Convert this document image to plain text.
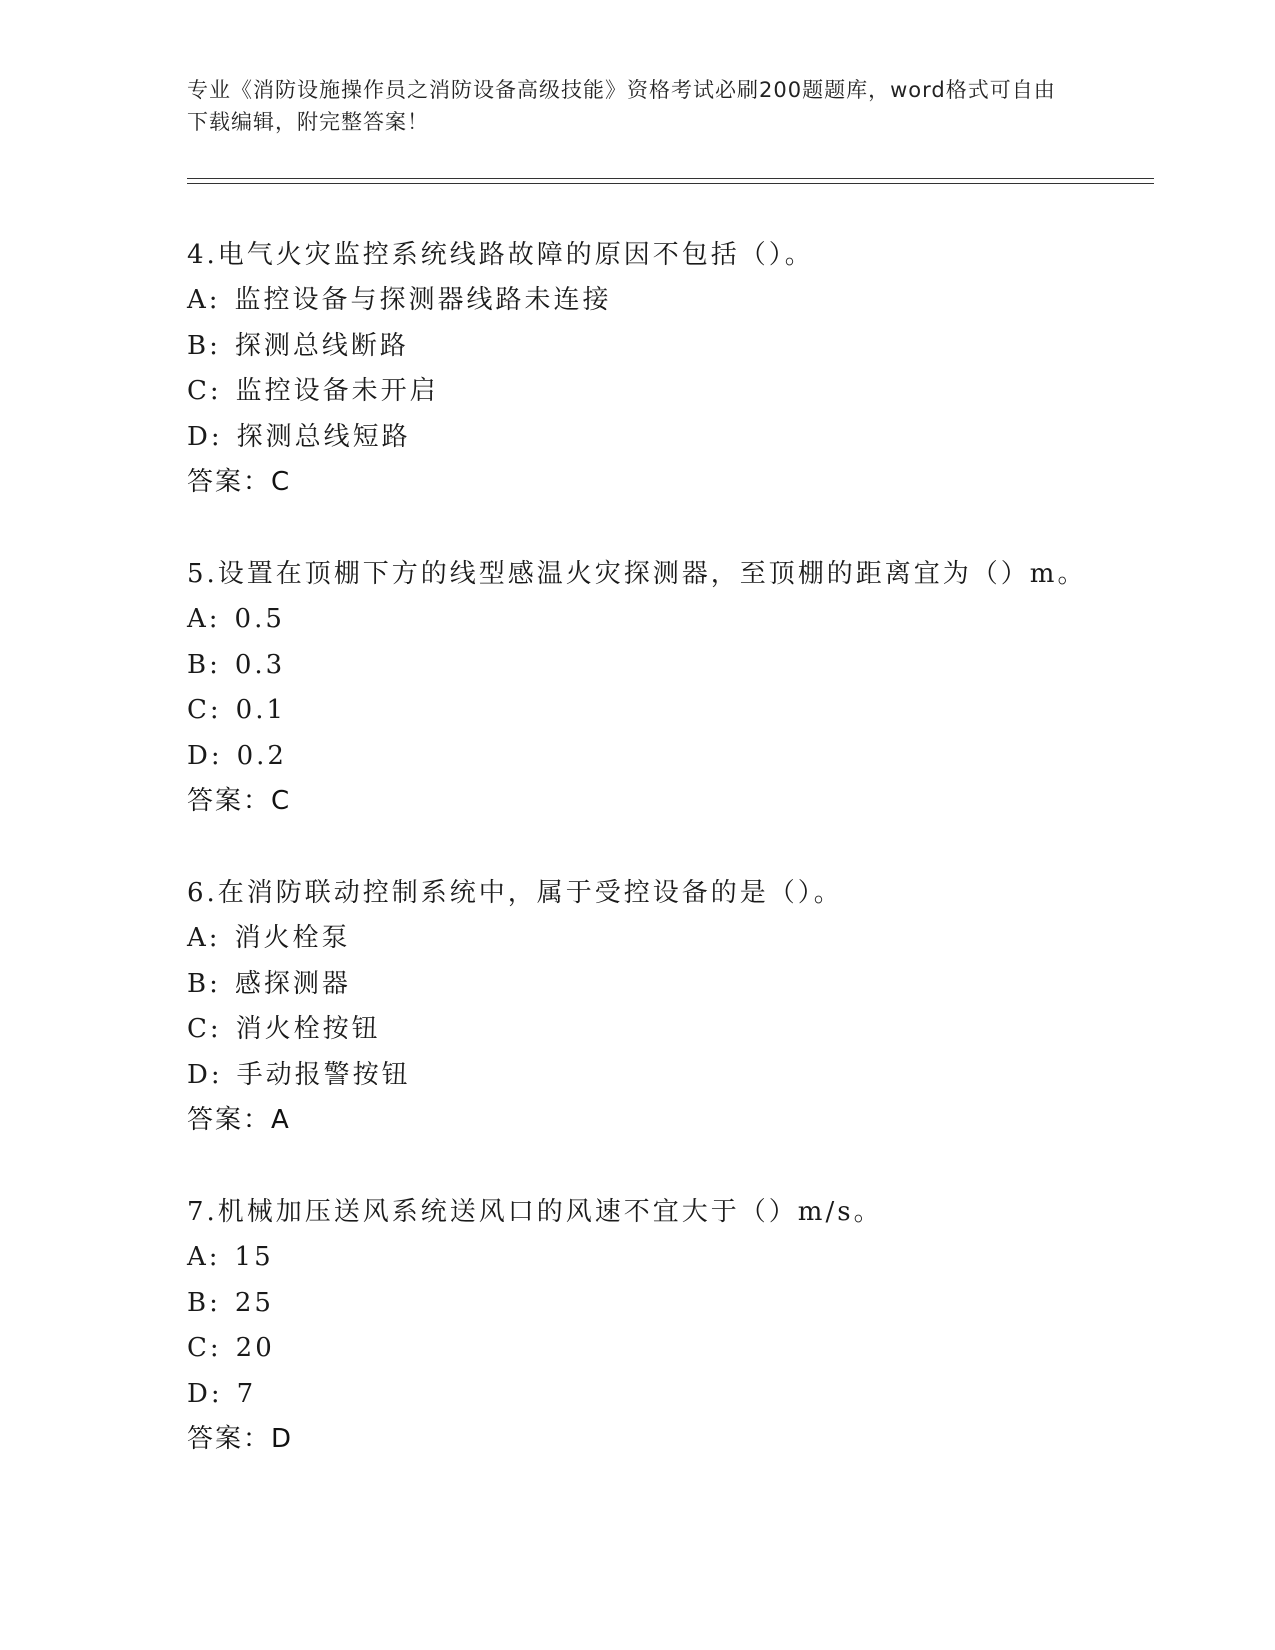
专业《消防设施操作员之消防设备高级技能》资格考试必刷200题题库，word格式可自由下载编辑，附完整答案！
4.电气火灾监控系统线路故障的原因不包括（）。
A: 监控设备与探测器线路未连接
B: 探测总线断路
C: 监控设备未开启
D: 探测总线短路
答案：C
5.设置在顶棚下方的线型感温火灾探测器，至顶棚的距离宜为（）m。
A: 0.5
B: 0.3
C: 0.1
D: 0.2
答案：C
6.在消防联动控制系统中，属于受控设备的是（）。
A: 消火栓泵
B: 感探测器
C: 消火栓按钮
D: 手动报警按钮
答案：A
7.机械加压送风系统送风口的风速不宜大于（）m/s。
A: 15
B: 25
C: 20
D: 7
答案：D
